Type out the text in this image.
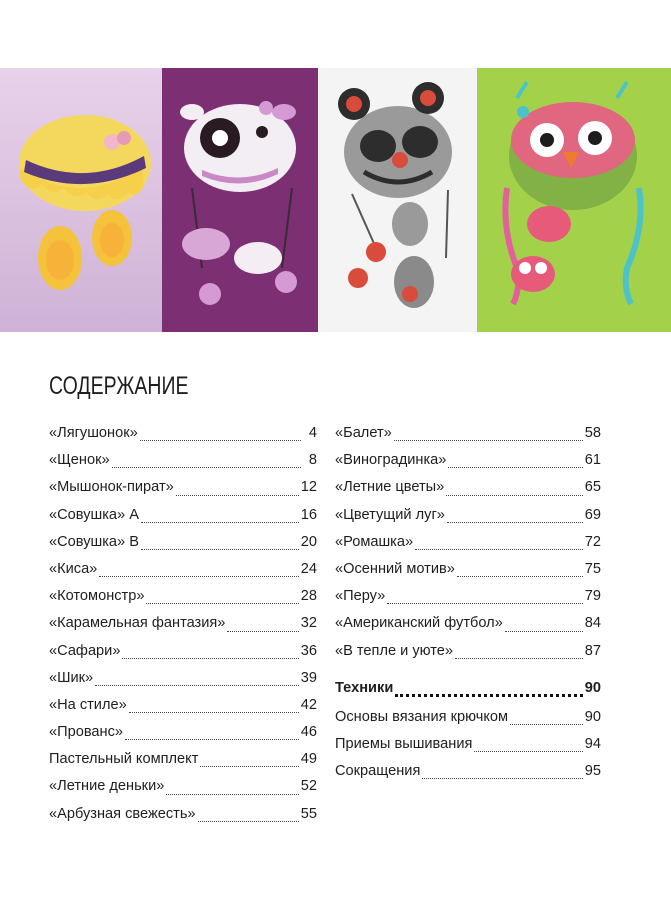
СОДЕРЖАНИЕ
«Лягушонок»	4
«Щенок»	8
«Мышонок-пират»	12
«Совушка» А	16
«Совушка» В	20
«Киса»	24
«Котомонстр»	28
«Карамельная фантазия»	32
«Сафари»	36
«Шик»	39
«На стиле»	42
«Прованс»	46
Пастельный комплект	49
«Летние деньки»	52
«Арбузная свежесть»	55
«Балет»	58
«Виноградинка»	61
«Летние цветы»	65
«Цветущий луг»	69
«Ромашка»	72
«Осенний мотив»	75
«Перу»	79
«Американский футбол»	84
«В тепле и уюте»	87
Техники	90
Основы вязания крючком	90
Приемы вышивания	94
Сокращения	95
